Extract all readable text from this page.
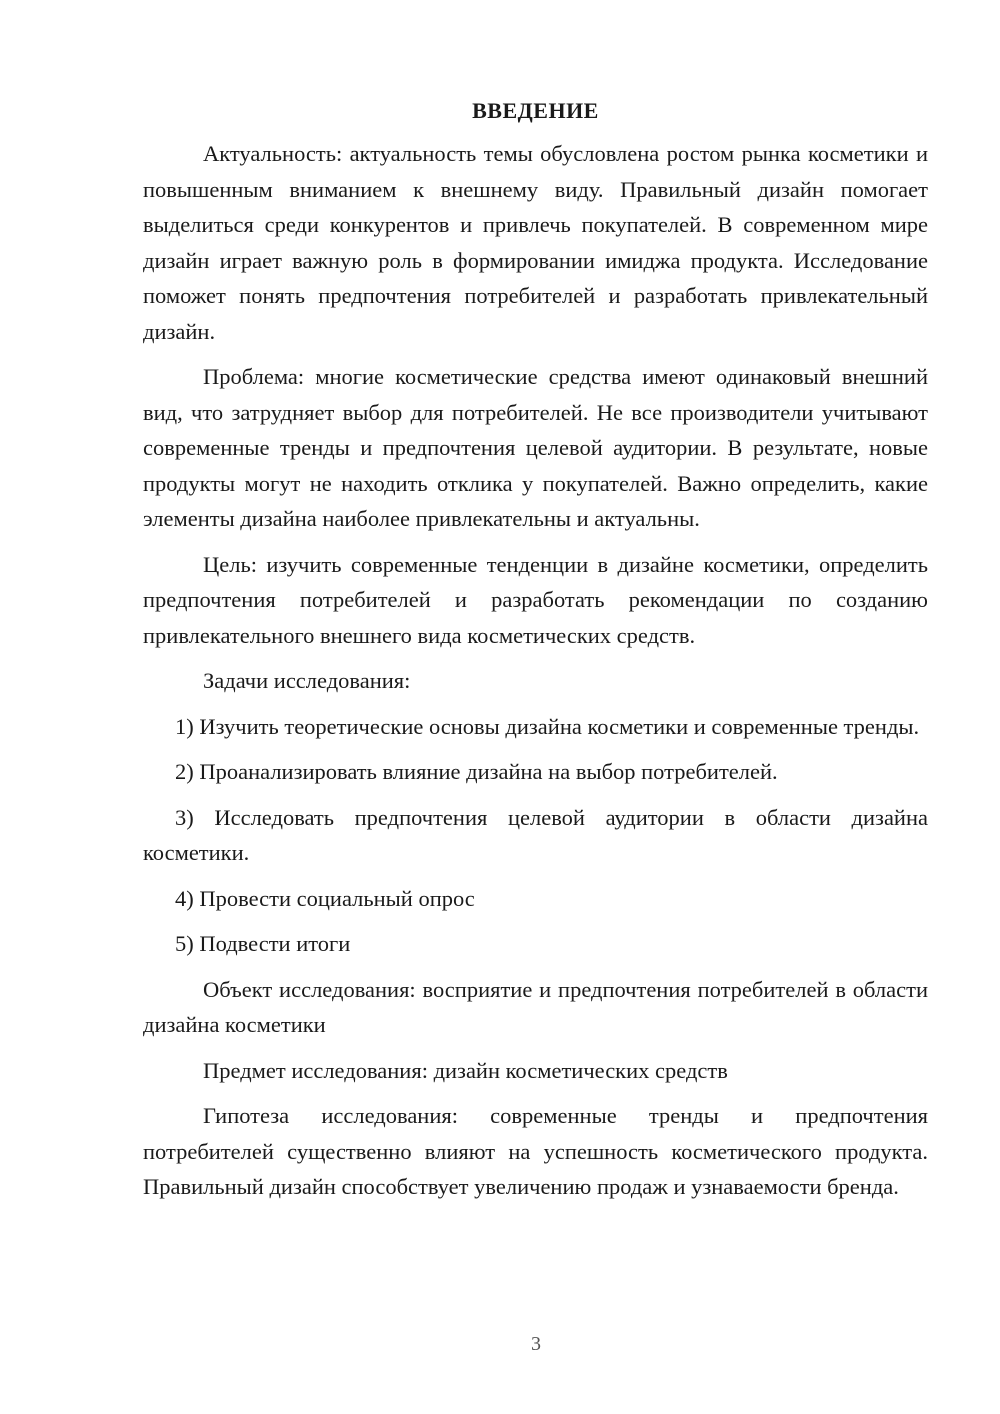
ВВЕДЕНИЕ

Актуальность: актуальность темы обусловлена ростом рынка косметики и повышенным вниманием к внешнему виду. Правильный дизайн помогает выделиться среди конкурентов и привлечь покупателей. В современном мире дизайн играет важную роль в формировании имиджа продукта. Исследование поможет понять предпочтения потребителей и разработать привлекательный дизайн.

Проблема: многие косметические средства имеют одинаковый внешний вид, что затрудняет выбор для потребителей. Не все производители учитывают современные тренды и предпочтения целевой аудитории. В результате, новые продукты могут не находить отклика у покупателей. Важно определить, какие элементы дизайна наиболее привлекательны и актуальны.

Цель: изучить современные тенденции в дизайне косметики, определить предпочтения потребителей и разработать рекомендации по созданию привлекательного внешнего вида косметических средств.

Задачи исследования:

1) Изучить теоретические основы дизайна косметики и современные тренды.

2) Проанализировать влияние дизайна на выбор потребителей.

3) Исследовать предпочтения целевой аудитории в области дизайна косметики.

4) Провести социальный опрос

5) Подвести итоги

Объект исследования: восприятие и предпочтения потребителей в области дизайна косметики

Предмет исследования: дизайн косметических средств

Гипотеза исследования: современные тренды и предпочтения потребителей существенно влияют на успешность косметического продукта. Правильный дизайн способствует увеличению продаж и узнаваемости бренда.

3
